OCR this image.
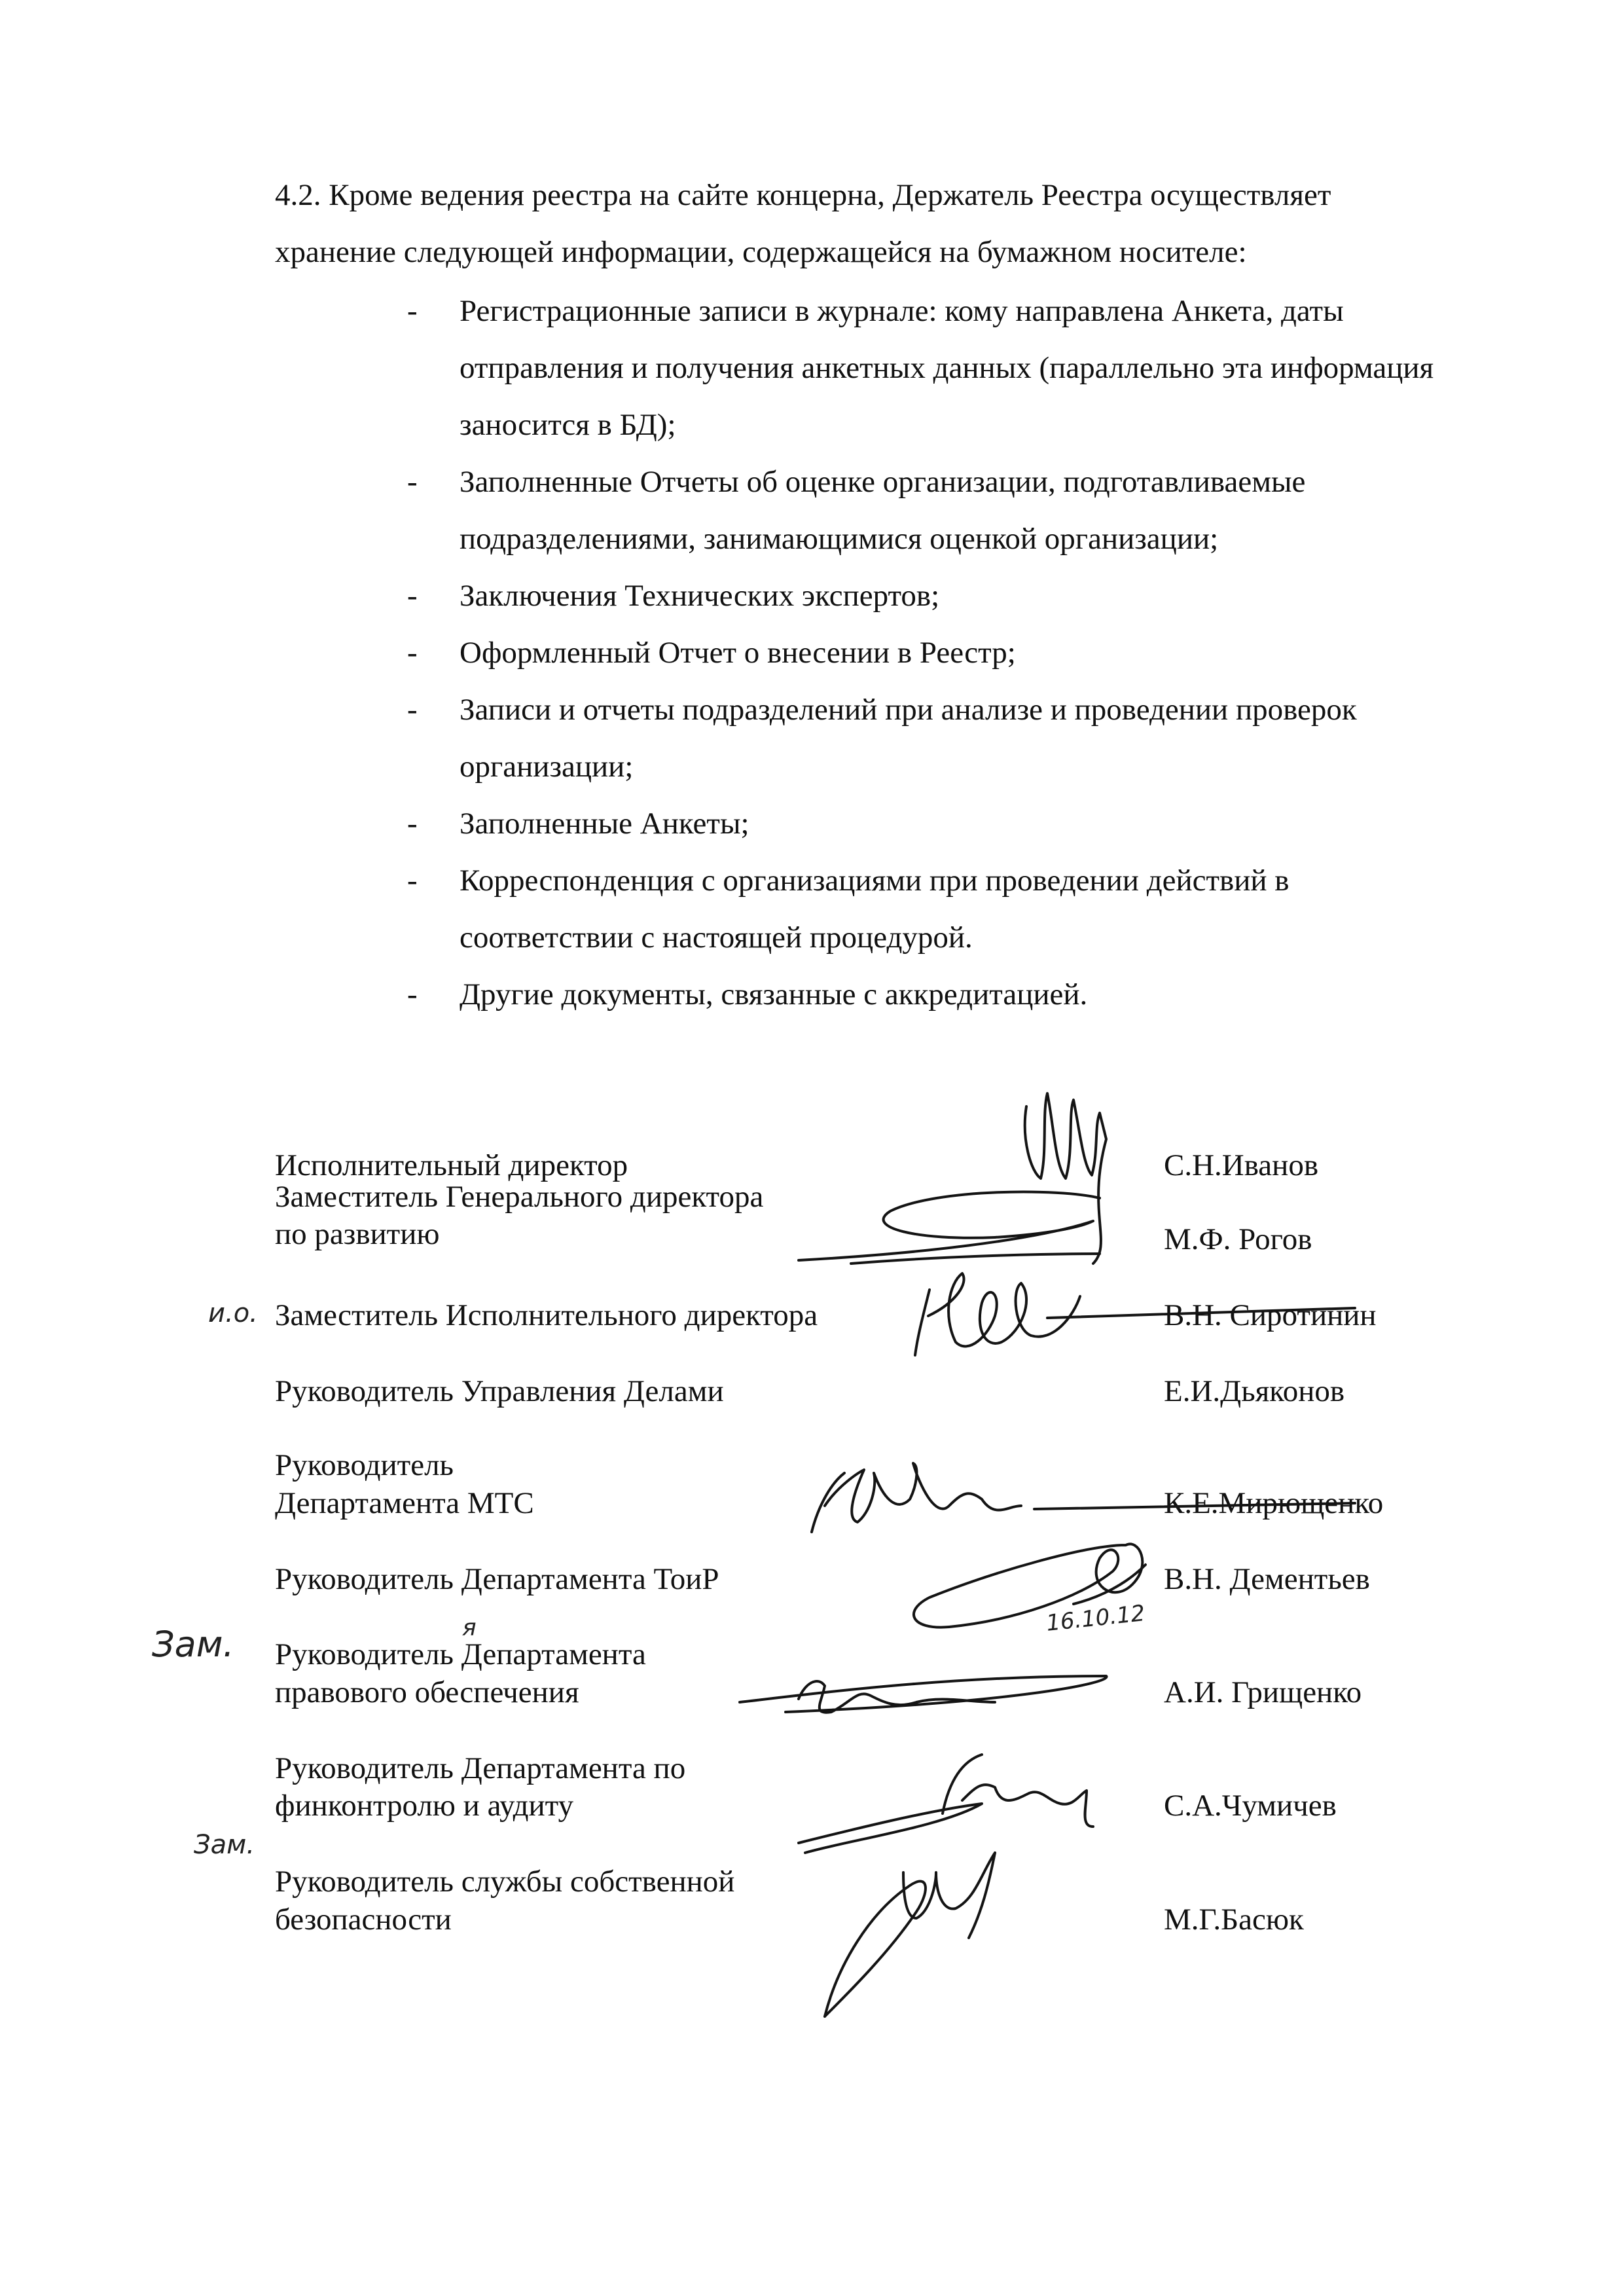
4.2. Кроме ведения реестра на сайте концерна, Держатель Реестра осуществляет хранение следующей информации, содержащейся на бумажном носителе:

- Регистрационные записи в журнале: кому направлена Анкета, даты отправления и получения анкетных данных (параллельно эта информация заносится в БД);
- Заполненные Отчеты об оценке организации, подготавливаемые подразделениями, занимающимися оценкой организации;
- Заключения Технических экспертов;
- Оформленный Отчет о внесении в Реестр;
- Записи и отчеты подразделений при анализе и проведении проверок организации;
- Заполненные Анкеты;
- Корреспонденция с организациями при проведении действий в соответствии с настоящей процедурой.
- Другие документы, связанные с аккредитацией.
Исполнительный директор	С.Н.Иванов
Заместитель Генерального директора
по развитию	М.Ф. Рогов
Заместитель Исполнительного директора	В.Н. Сиротинин
Руководитель Управления Делами	Е.И.Дьяконов
Руководитель
Департамента МТС	К.Е.Мирющенко
Руководитель Департамента ТоиР	В.Н. Дементьев
Руководитель Департамента
правового обеспечения	А.И. Грищенко
Руководитель Департамента по
финконтролю и аудиту	С.А.Чумичев
Руководитель службы собственной
безопасности	М.Г.Басюк
и.о.
Зам.	я
Зам.
16.10.12
